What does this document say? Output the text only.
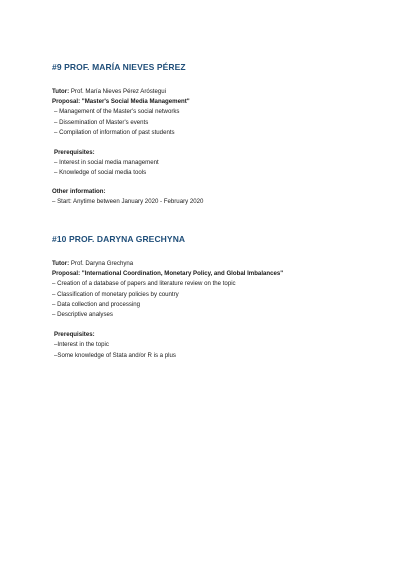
#9 PROF. MARÍA NIEVES PÉREZ

Tutor: Prof. María Nieves Pérez Aróstegui

Proposal: "Master's Social Media Management"

– Management of the Master's social networks

– Dissemination of Master's events

– Compilation of information of past students

Prerequisites:

– Interest in social media management

– Knowledge of social media tools

Other information:

– Start: Anytime between January 2020 - February 2020

#10 PROF. DARYNA GRECHYNA

Tutor: Prof. Daryna Grechyna

Proposal: "International Coordination, Monetary Policy, and Global Imbalances"

– Creation of a database of papers and literature review on the topic

– Classification of monetary policies by country

– Data collection and processing

– Descriptive analyses

Prerequisites:

–Interest in the topic

–Some knowledge of Stata and/or R is a plus
